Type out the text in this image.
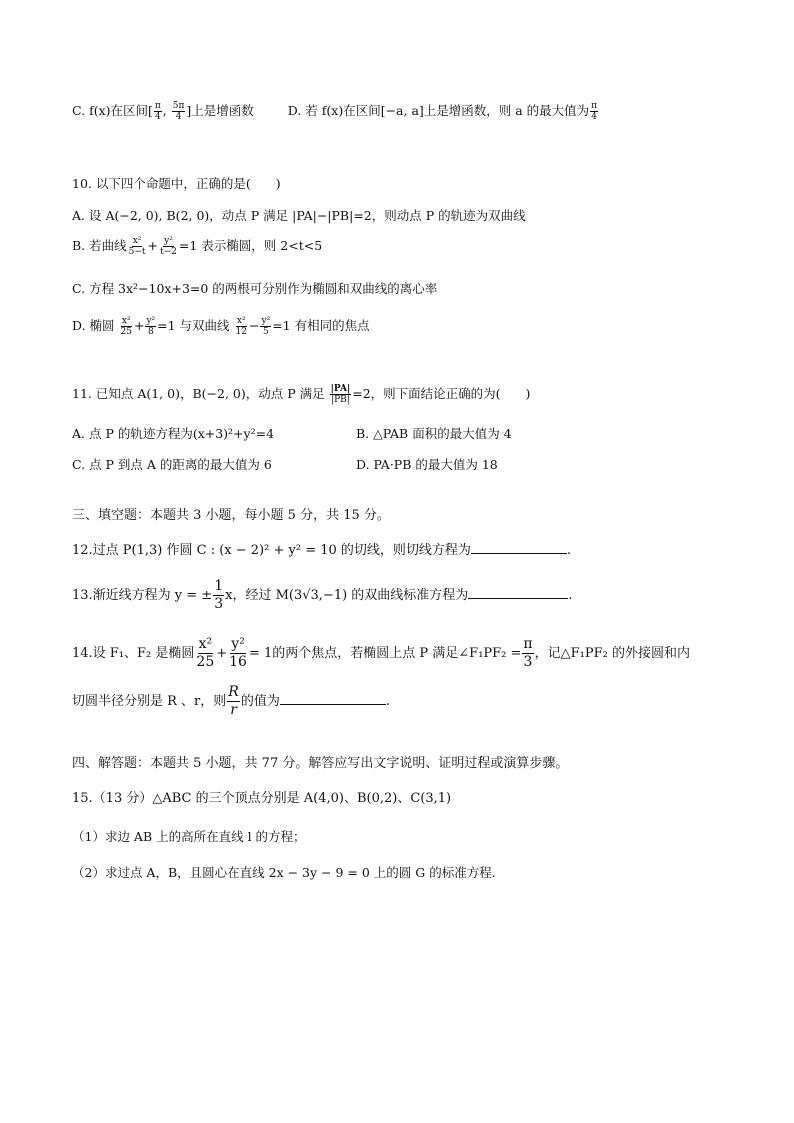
C. f(x)在区间[ $\frac{\pi}{4}$ , $\frac{5\pi}{4}$ ]上是增函数	D. 若 f(x)在区间[−a, a]上是增函数，则 a 的最大值为 $\frac{\pi}{4}$
10. 以下四个命题中，正确的是(　　)
A. 设 A(−2, 0), B(2, 0)，动点 P 满足 |PA|−|PB|=2，则动点 P 的轨迹为双曲线
B. 若曲线 $\frac{\text{x²}}{5-t} + \frac{\text{y²}}{t-2} =1$ 表示椭圆，则 2<t<5
C. 方程 3x²−10x+3=0 的两根可分别作为椭圆和双曲线的离心率
D. 椭圆 $\frac{\text{x²}}{25} + \frac{\text{y²}}{8} =1$ 与双曲线 $\frac{\text{x²}}{12} - \frac{\text{y²}}{5} =1$ 有相同的焦点
11. 已知点 A(1, 0)，B(−2, 0)，动点 P 满足 $\frac{|PA|}{|PB|} =2$，则下面结论正确的为(　　)
A. 点 P 的轨迹方程为(x+3)²+y²=4	B. △PAB 面积的最大值为 4
C. 点 P 到点 A 的距离的最大值为 6	D. PA·PB 的最大值为 18
三、填空题：本题共 3 小题，每小题 5 分，共 15 分。
12.过点 P(1,3) 作圆 C : (x − 2)² + y² = 10 的切线，则切线方程为	.
13.渐近线方程为 y = ± $\frac{1}{3}$ x，经过 M(3√3,−1) 的双曲线标准方程为	.
14.设 F₁、F₂ 是椭圆 $\frac{\text{x²}}{25} + \frac{\text{y²}}{16} = 1$的两个焦点，若椭圆上点 P 满足∠F₁PF₂ = $\frac{\pi}{3}$ ，记△F₁PF₂ 的外接圆和内
切圆半径分别是 R 、r，则 $\frac{R}{r}$ 的值为	.
四、解答题：本题共 5 小题，共 77 分。解答应写出文字说明、证明过程或演算步骤。
15.（13 分）△ABC 的三个顶点分别是 A(4,0)、B(0,2)、C(3,1)
（1）求边 AB 上的高所在直线 l 的方程；
（2）求过点 A，B，且圆心在直线 2x − 3y − 9 = 0 上的圆 G 的标准方程.
